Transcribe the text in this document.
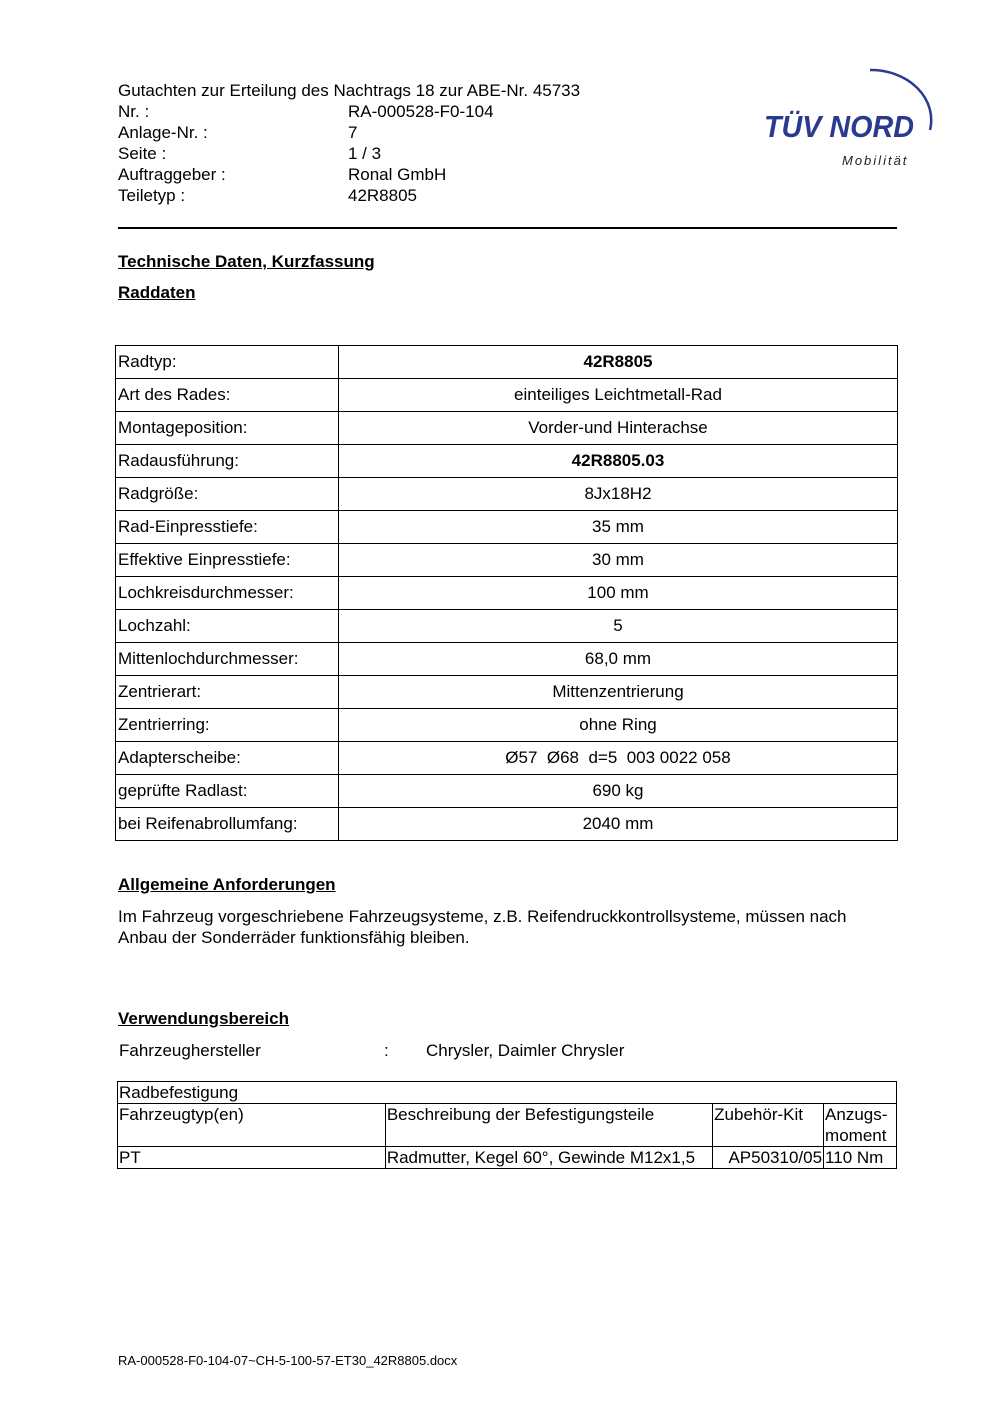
Gutachten zur Erteilung des Nachtrags 18 zur ABE-Nr. 45733
Nr. :	RA-000528-F0-104
Anlage-Nr. :	7
Seite :	1 / 3
Auftraggeber :	Ronal GmbH
Teiletyp :	42R8805
TÜV NORD
Mobilität
Technische Daten, Kurzfassung
Raddaten
Radtyp:	42R8805
Art des Rades:	einteiliges Leichtmetall-Rad
Montageposition:	Vorder-und Hinterachse
Radausführung:	42R8805.03
Radgröße:	8Jx18H2
Rad-Einpresstiefe:	35 mm
Effektive Einpresstiefe:	30 mm
Lochkreisdurchmesser:	100 mm
Lochzahl:	5
Mittenlochdurchmesser:	68,0 mm
Zentrierart:	Mittenzentrierung
Zentrierring:	ohne Ring
Adapterscheibe:	Ø57  Ø68  d=5  003 0022 058
geprüfte Radlast:	690 kg
bei Reifenabrollumfang:	2040 mm
Allgemeine Anforderungen
Im Fahrzeug vorgeschriebene Fahrzeugsysteme, z.B. Reifendruckkontrollsysteme, müssen nach Anbau der Sonderräder funktionsfähig bleiben.
Verwendungsbereich
Fahrzeughersteller	: Chrysler, Daimler Chrysler
Radbefestigung			
Fahrzeugtyp(en)	Beschreibung der Befestigungsteile	Zubehör-Kit	Anzugs-moment
PT	Radmutter, Kegel 60°, Gewinde M12x1,5	AP50310/05	110 Nm
RA-000528-F0-104-07~CH-5-100-57-ET30_42R8805.docx
